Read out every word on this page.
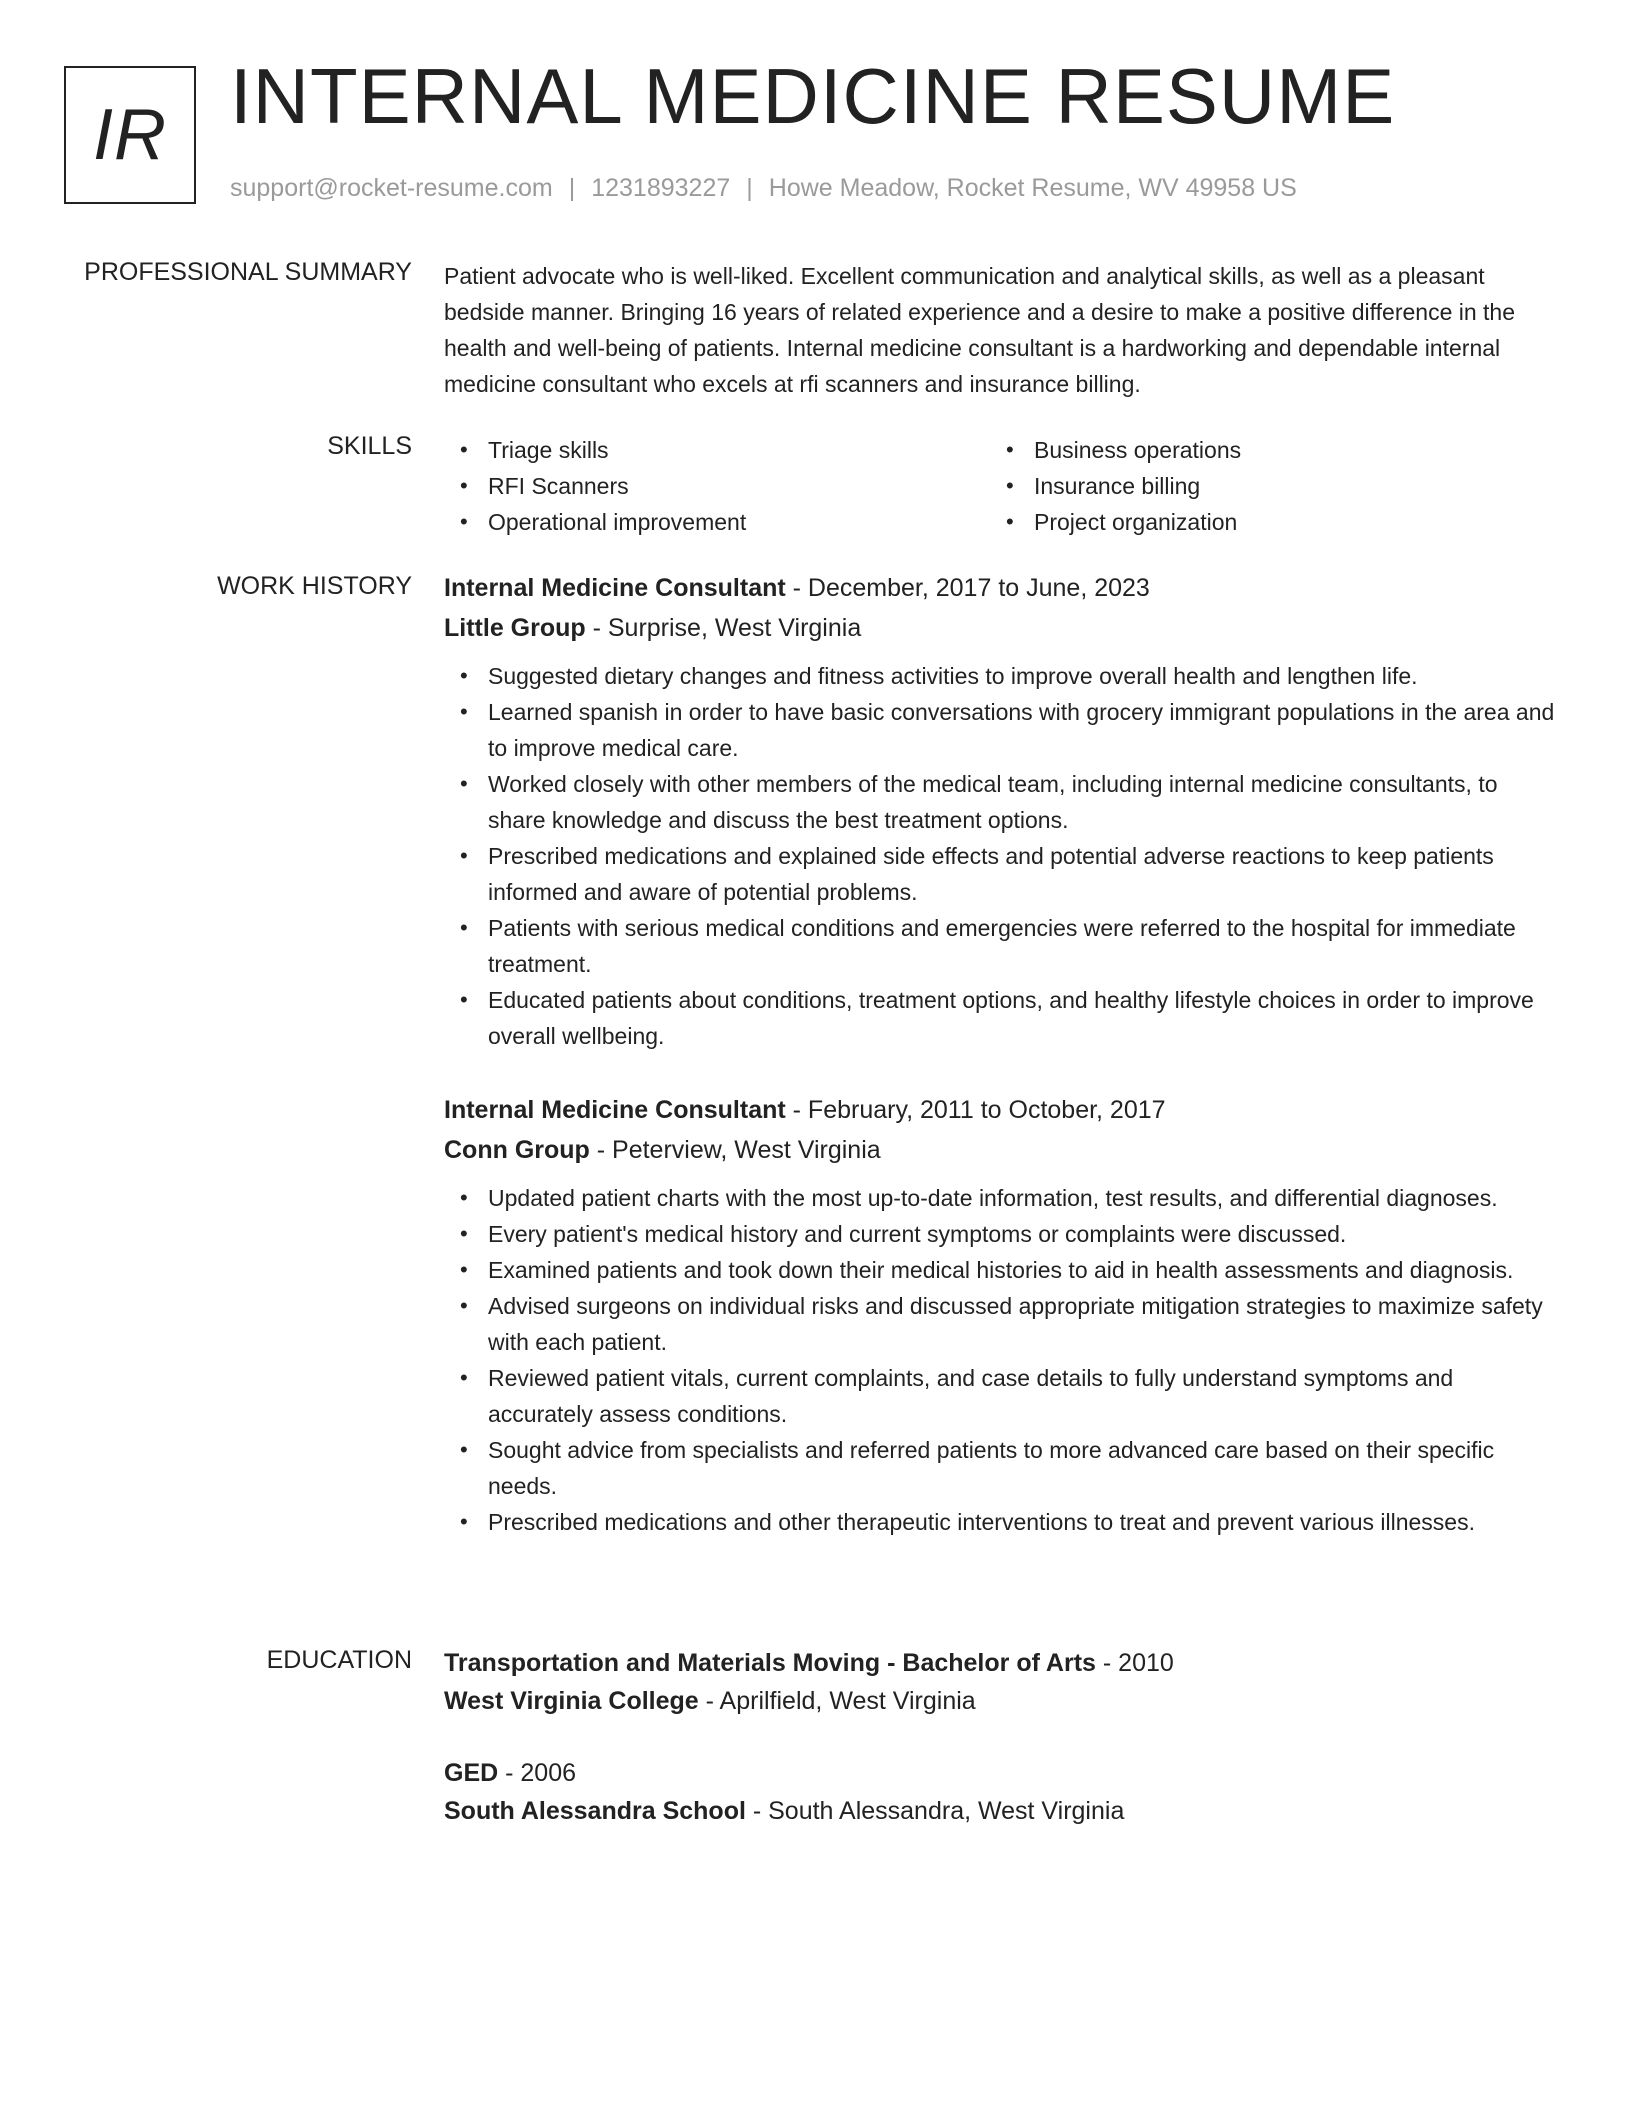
IR INTERNAL MEDICINE RESUME
support@rocket-resume.com | 1231893227 | Howe Meadow, Rocket Resume, WV 49958 US
PROFESSIONAL SUMMARY Patient advocate who is well-liked. Excellent communication and analytical skills, as well as a pleasant bedside manner. Bringing 16 years of related experience and a desire to make a positive difference in the health and well-being of patients. Internal medicine consultant is a hardworking and dependable internal medicine consultant who excels at rfi scanners and insurance billing.

SKILLS	• Triage skills	• Business operations
• RFI Scanners	• Insurance billing
• Operational improvement	• Project organization
WORK HISTORY Internal Medicine Consultant - December, 2017 to June, 2023
Little Group - Surprise, West Virginia
• Suggested dietary changes and fitness activities to improve overall health and lengthen life.
• Learned spanish in order to have basic conversations with grocery immigrant populations in the area and to improve medical care.
• Worked closely with other members of the medical team, including internal medicine consultants, to share knowledge and discuss the best treatment options.
• Prescribed medications and explained side effects and potential adverse reactions to keep patients informed and aware of potential problems.
• Patients with serious medical conditions and emergencies were referred to the hospital for immediate treatment.
• Educated patients about conditions, treatment options, and healthy lifestyle choices in order to improve overall wellbeing.
Internal Medicine Consultant - February, 2011 to October, 2017
Conn Group - Peterview, West Virginia
• Updated patient charts with the most up-to-date information, test results, and differential diagnoses.
• Every patient's medical history and current symptoms or complaints were discussed.
• Examined patients and took down their medical histories to aid in health assessments and diagnosis.
• Advised surgeons on individual risks and discussed appropriate mitigation strategies to maximize safety with each patient.
• Reviewed patient vitals, current complaints, and case details to fully understand symptoms and accurately assess conditions.
• Sought advice from specialists and referred patients to more advanced care based on their specific needs.
• Prescribed medications and other therapeutic interventions to treat and prevent various illnesses.
EDUCATION Transportation and Materials Moving - Bachelor of Arts - 2010
West Virginia College - Aprilfield, West Virginia
GED - 2006
South Alessandra School - South Alessandra, West Virginia
